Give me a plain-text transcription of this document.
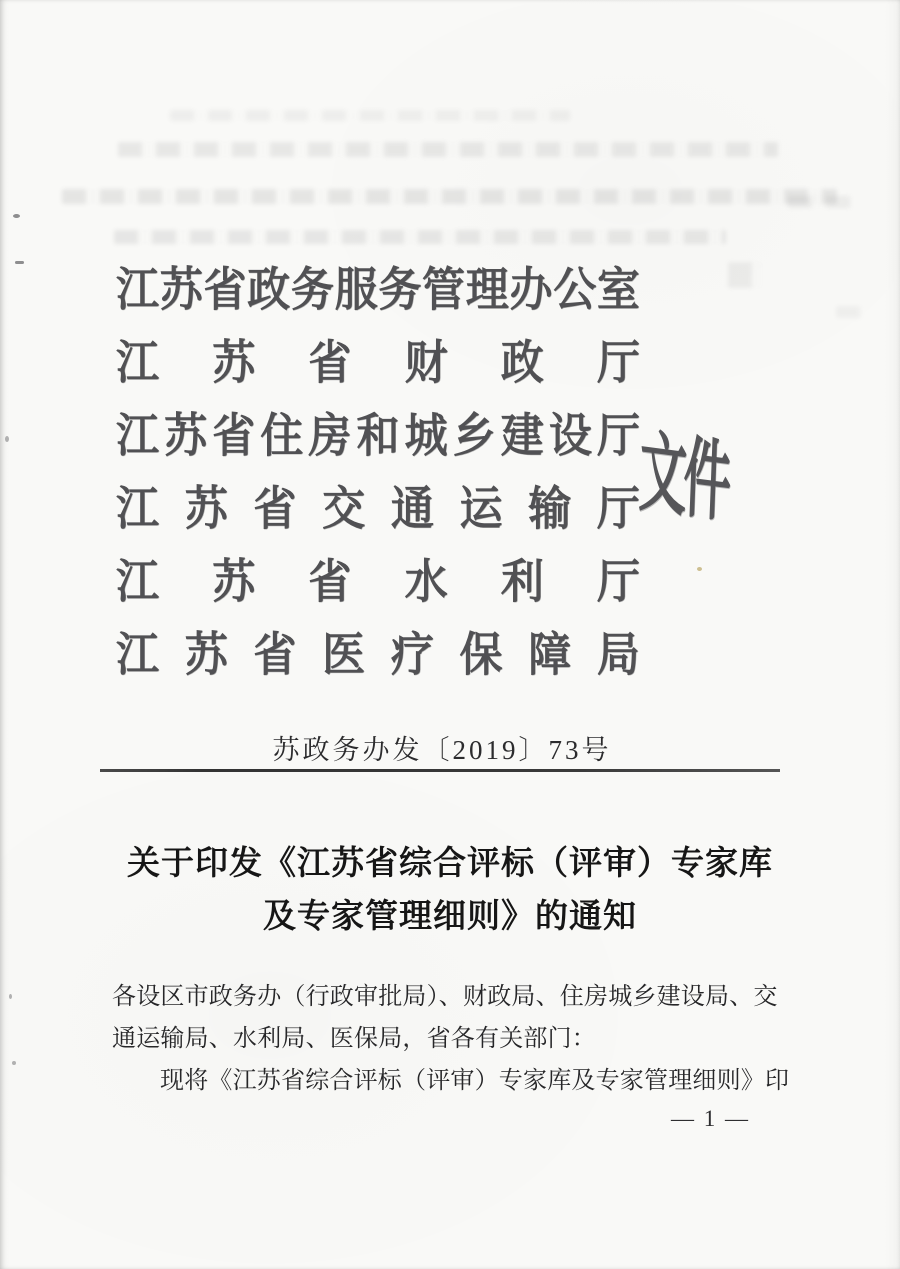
江 苏 省 政 务 服 务 管 理 办 公 室
江 苏 省 财 政 厅
江 苏 省 住 房 和 城 乡 建 设 厅
江 苏 省 交 通 运 输 厅
江 苏 省 水 利 厅
江 苏 省 医 疗 保 障 局
文件
苏政务办发〔2019〕73号
关于印发《江苏省综合评标（评审）专家库
及专家管理细则》的通知
各设区市政务办（行政审批局）、财政局、住房城乡建设局、交
通运输局、水利局、医保局，省各有关部门：
现将《江苏省综合评标（评审）专家库及专家管理细则》印
— 1 —
